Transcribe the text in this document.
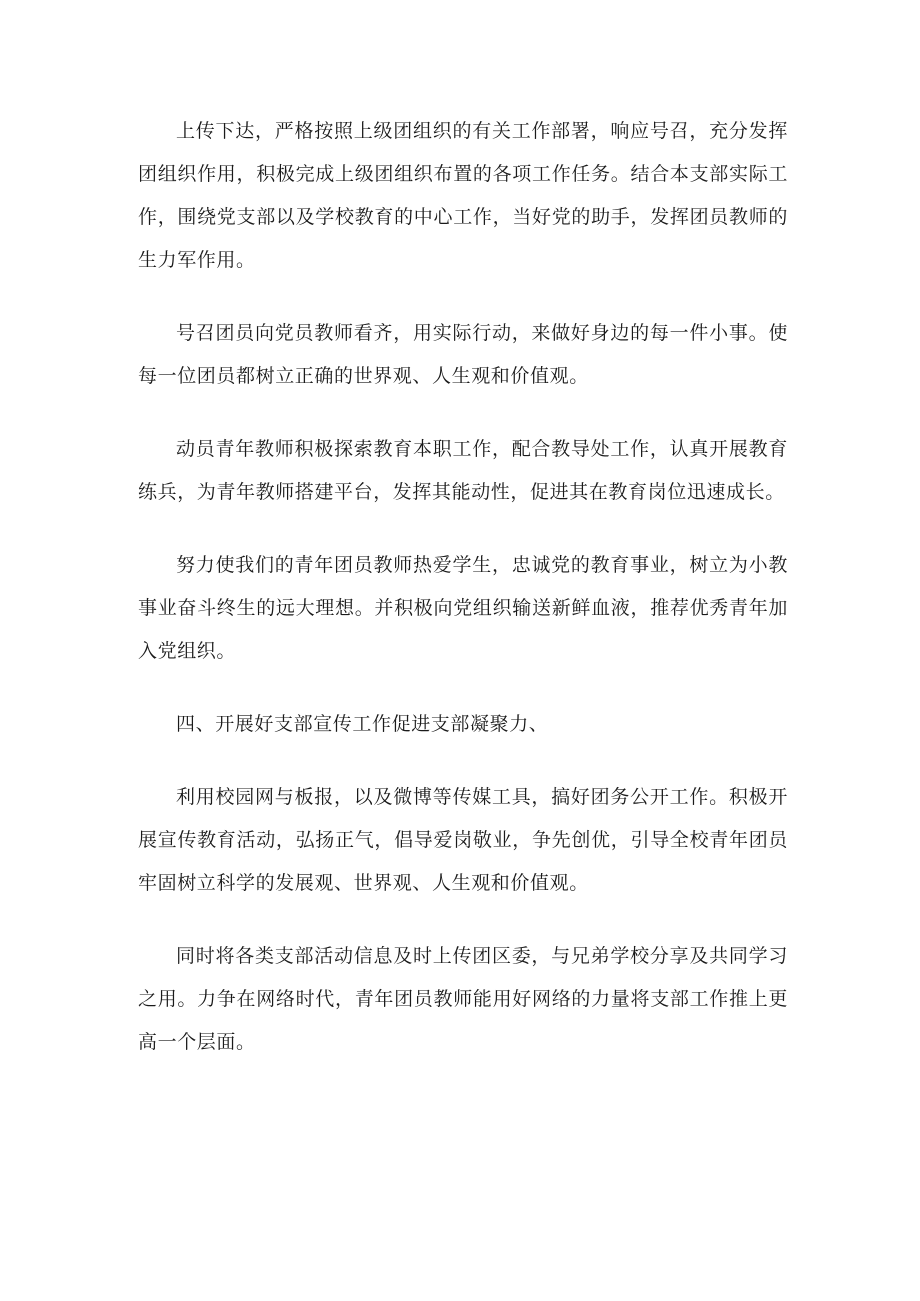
上传下达，严格按照上级团组织的有关工作部署，响应号召，充分发挥团组织作用，积极完成上级团组织布置的各项工作任务。结合本支部实际工作，围绕党支部以及学校教育的中心工作，当好党的助手，发挥团员教师的生力军作用。

号召团员向党员教师看齐，用实际行动，来做好身边的每一件小事。使每一位团员都树立正确的世界观、人生观和价值观。

动员青年教师积极探索教育本职工作，配合教导处工作，认真开展教育练兵，为青年教师搭建平台，发挥其能动性，促进其在教育岗位迅速成长。

努力使我们的青年团员教师热爱学生，忠诚党的教育事业，树立为小教事业奋斗终生的远大理想。并积极向党组织输送新鲜血液，推荐优秀青年加入党组织。

四、开展好支部宣传工作促进支部凝聚力、

利用校园网与板报，以及微博等传媒工具，搞好团务公开工作。积极开展宣传教育活动，弘扬正气，倡导爱岗敬业，争先创优，引导全校青年团员牢固树立科学的发展观、世界观、人生观和价值观。

同时将各类支部活动信息及时上传团区委，与兄弟学校分享及共同学习之用。力争在网络时代，青年团员教师能用好网络的力量将支部工作推上更高一个层面。
